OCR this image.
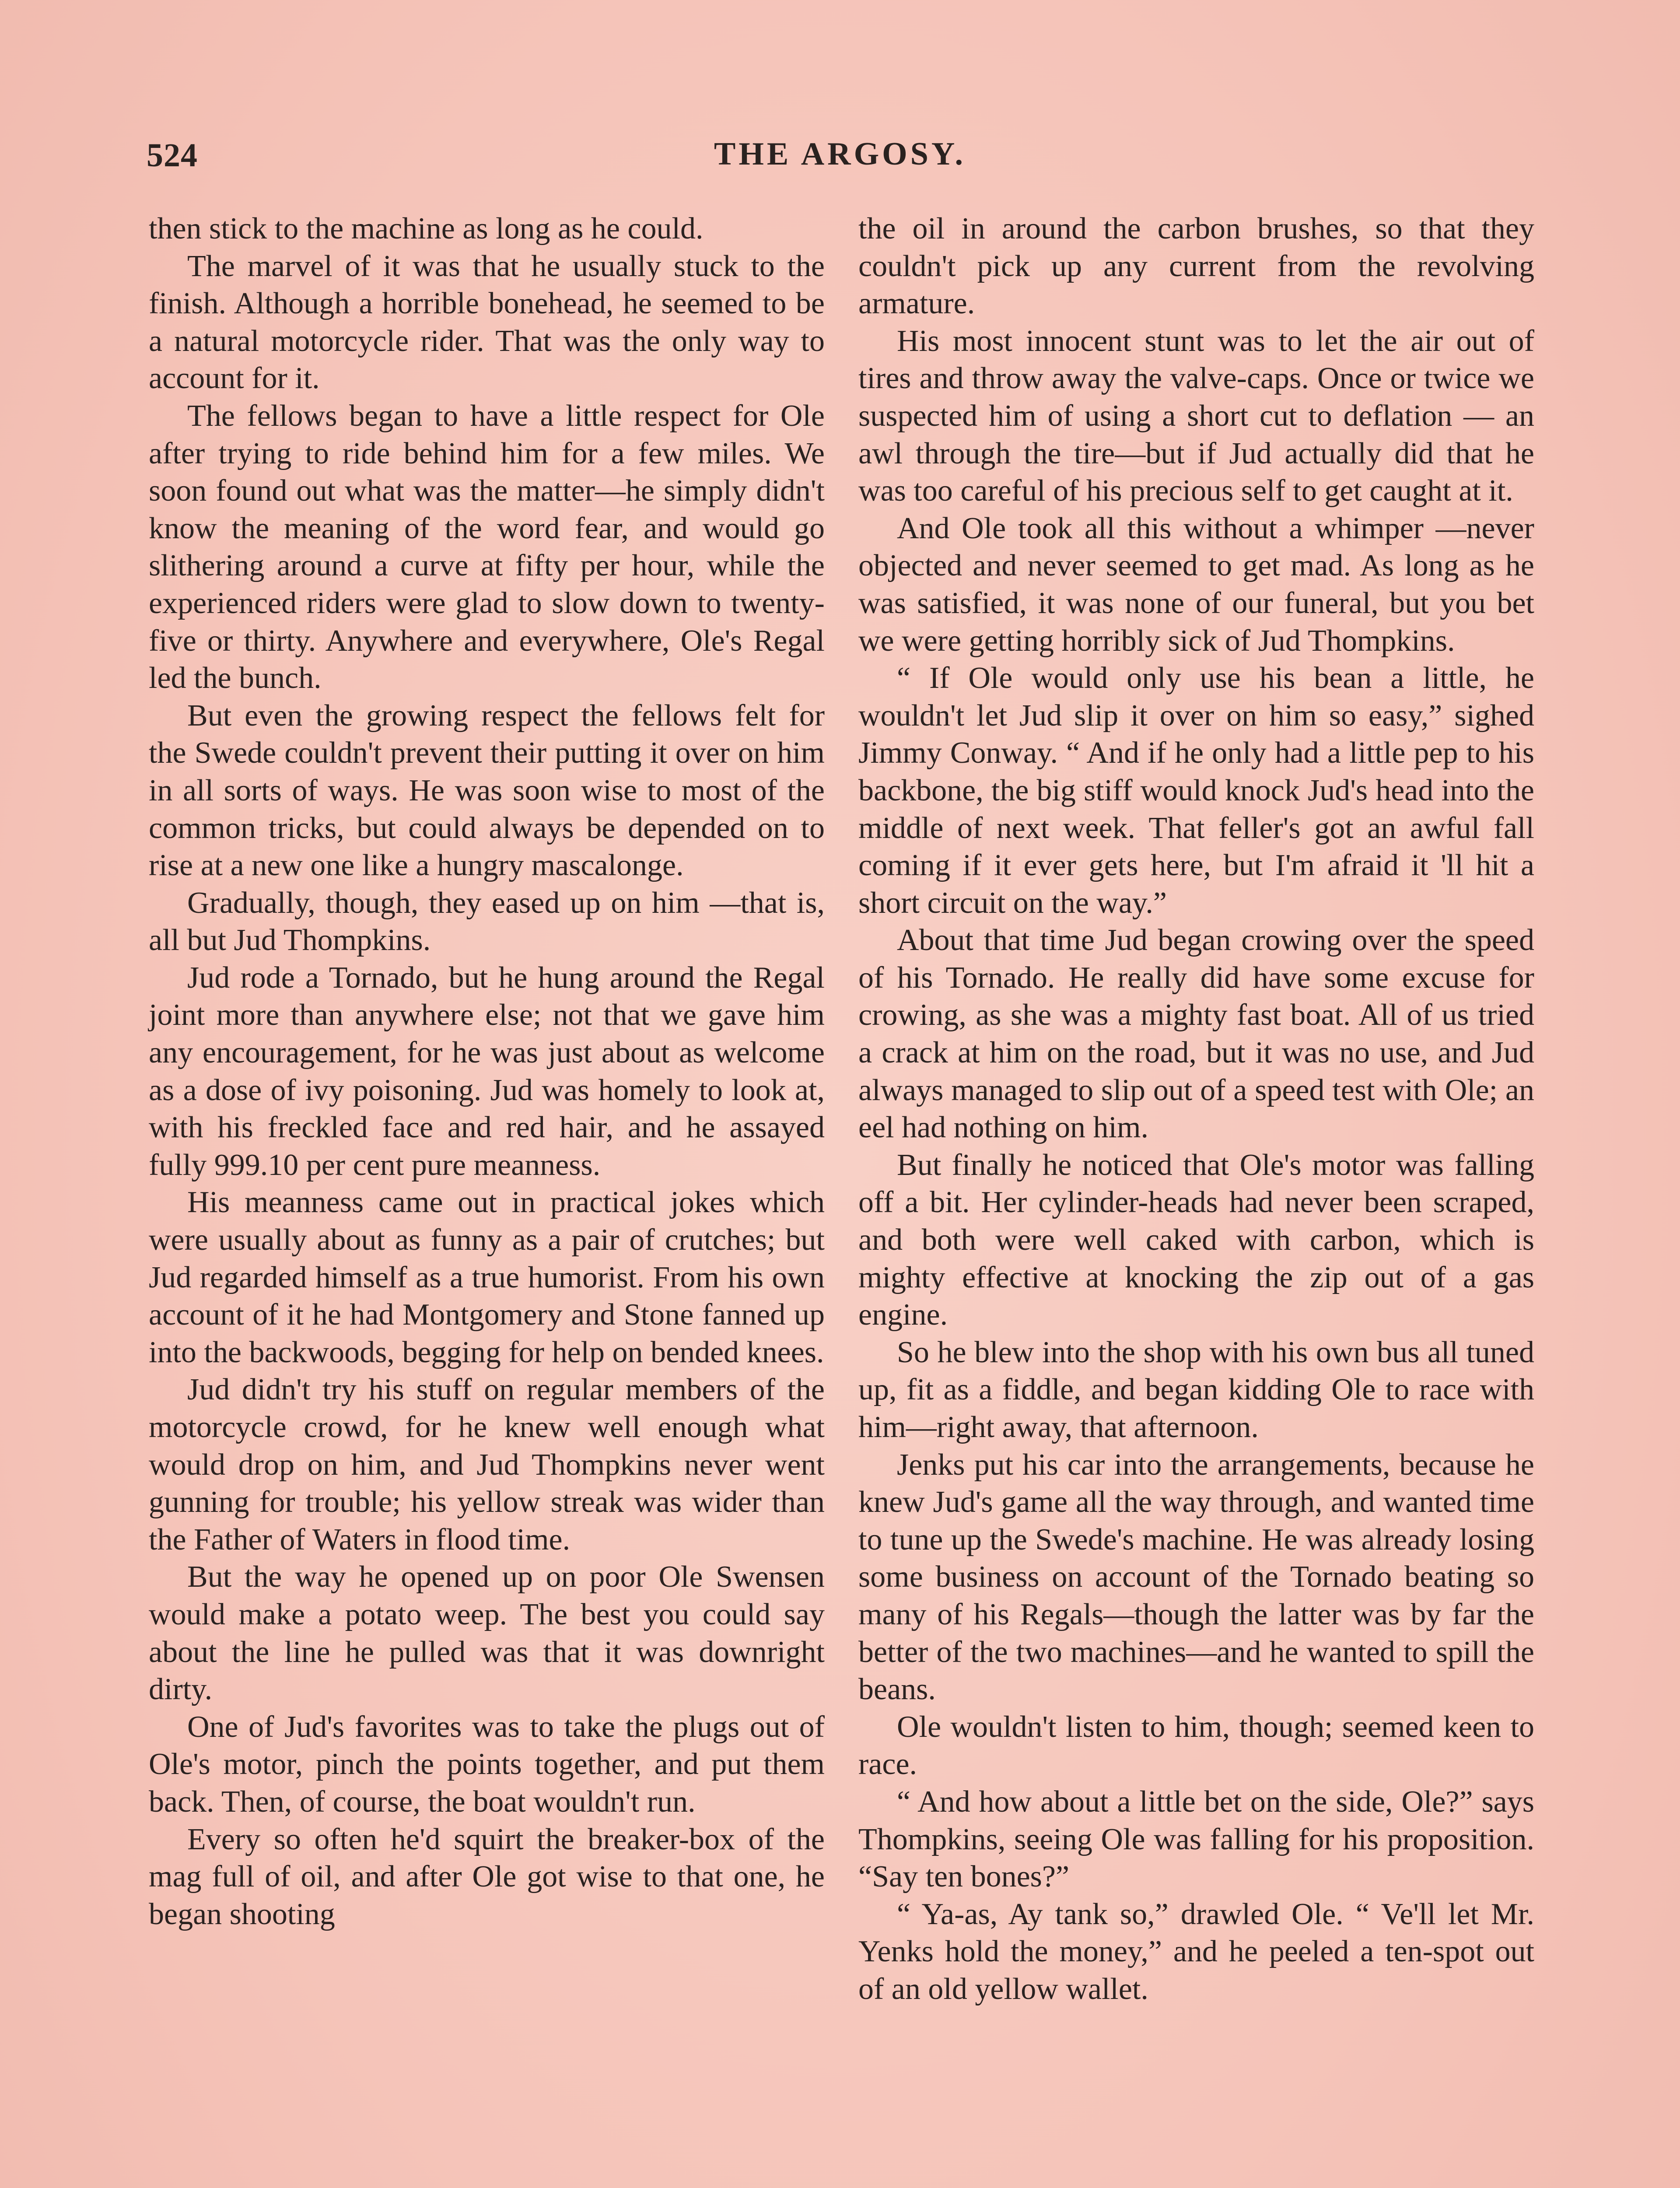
524	THE ARGOSY.

then stick to the machine as long as he could.

The marvel of it was that he usually stuck to the finish. Although a horrible bonehead, he seemed to be a natural motorcycle rider. That was the only way to account for it.

The fellows began to have a little respect for Ole after trying to ride behind him for a few miles. We soon found out what was the matter—he simply didn't know the meaning of the word fear, and would go slithering around a curve at fifty per hour, while the experienced riders were glad to slow down to twenty-five or thirty. Anywhere and everywhere, Ole's Regal led the bunch.

But even the growing respect the fellows felt for the Swede couldn't prevent their putting it over on him in all sorts of ways. He was soon wise to most of the common tricks, but could always be depended on to rise at a new one like a hungry mascalonge.

Gradually, though, they eased up on him —that is, all but Jud Thompkins.

Jud rode a Tornado, but he hung around the Regal joint more than anywhere else; not that we gave him any encouragement, for he was just about as welcome as a dose of ivy poisoning. Jud was homely to look at, with his freckled face and red hair, and he assayed fully 999.10 per cent pure meanness.

His meanness came out in practical jokes which were usually about as funny as a pair of crutches; but Jud regarded himself as a true humorist. From his own account of it he had Montgomery and Stone fanned up into the backwoods, begging for help on bended knees.

Jud didn't try his stuff on regular members of the motorcycle crowd, for he knew well enough what would drop on him, and Jud Thompkins never went gunning for trouble; his yellow streak was wider than the Father of Waters in flood time.

But the way he opened up on poor Ole Swensen would make a potato weep. The best you could say about the line he pulled was that it was downright dirty.

One of Jud's favorites was to take the plugs out of Ole's motor, pinch the points together, and put them back. Then, of course, the boat wouldn't run.

Every so often he'd squirt the breaker-box of the mag full of oil, and after Ole got wise to that one, he began shooting

the oil in around the carbon brushes, so that they couldn't pick up any current from the revolving armature.

His most innocent stunt was to let the air out of tires and throw away the valve-caps. Once or twice we suspected him of using a short cut to deflation — an awl through the tire—but if Jud actually did that he was too careful of his precious self to get caught at it.

And Ole took all this without a whimper —never objected and never seemed to get mad. As long as he was satisfied, it was none of our funeral, but you bet we were getting horribly sick of Jud Thompkins.

“ If Ole would only use his bean a little, he wouldn't let Jud slip it over on him so easy,” sighed Jimmy Conway. “ And if he only had a little pep to his backbone, the big stiff would knock Jud's head into the middle of next week. That feller's got an awful fall coming if it ever gets here, but I'm afraid it 'll hit a short circuit on the way.”

About that time Jud began crowing over the speed of his Tornado. He really did have some excuse for crowing, as she was a mighty fast boat. All of us tried a crack at him on the road, but it was no use, and Jud always managed to slip out of a speed test with Ole; an eel had nothing on him.

But finally he noticed that Ole's motor was falling off a bit. Her cylinder-heads had never been scraped, and both were well caked with carbon, which is mighty effective at knocking the zip out of a gas engine.

So he blew into the shop with his own bus all tuned up, fit as a fiddle, and began kidding Ole to race with him—right away, that afternoon.

Jenks put his car into the arrangements, because he knew Jud's game all the way through, and wanted time to tune up the Swede's machine. He was already losing some business on account of the Tornado beating so many of his Regals—though the latter was by far the better of the two machines—and he wanted to spill the beans.

Ole wouldn't listen to him, though; seemed keen to race.

“ And how about a little bet on the side, Ole?” says Thompkins, seeing Ole was falling for his proposition. “Say ten bones?”

“ Ya-as, Ay tank so,” drawled Ole. “ Ve'll let Mr. Yenks hold the money,” and he peeled a ten-spot out of an old yellow wallet.
